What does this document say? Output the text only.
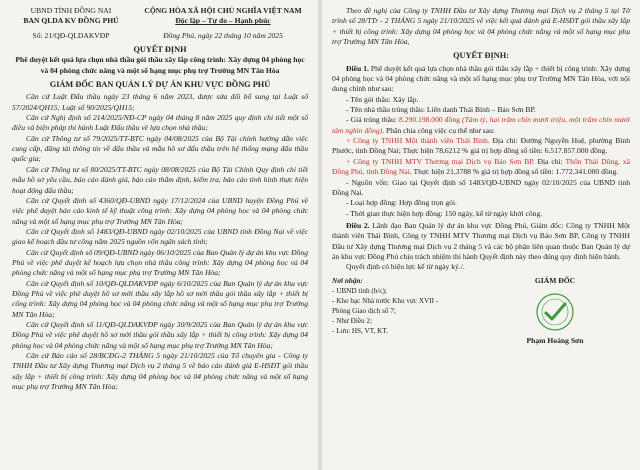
UBND TỈNH ĐỒNG NAI

BAN QLDA KV ĐỒNG PHÚ

Số: 21/QĐ-QLDAKVĐP

CỘNG HÒA XÃ HỘI CHỦ NGHĨA VIỆT NAM

Độc lập – Tự do – Hạnh phúc

Đồng Phú, ngày 22 tháng 10 năm 2025

QUYẾT ĐỊNH

Phê duyệt kết quả lựa chọn nhà thầu gói thầu xây lắp công trình: Xây dựng 04 phòng học và 04 phòng chức năng và một số hạng mục phụ trợ Trường MN Tân Hòa

GIÁM ĐỐC BAN QUẢN LÝ DỰ ÁN KHU VỰC ĐỒNG PHÚ

Căn cứ Luật Đấu thầu ngày 23 tháng 6 năm 2023, được sửa đổi bổ sung tại Luật số 57/2024/QH15; Luật số 90/2025/QH15;

Căn cứ Nghị định số 214/2025/NĐ-CP ngày 04 tháng 8 năm 2025 quy định chi tiết một số điều và biện pháp thi hành Luật Đấu thầu về lựa chọn nhà thầu;

Căn cứ Thông tư số 79/2025/TT-BTC ngày 04/08/2025 của Bộ Tài chính hướng dẫn việc cung cấp, đăng tải thông tin về đấu thầu và mẫu hồ sơ đấu thầu trên hệ thống mạng đấu thầu quốc gia;

Căn cứ Thông tư số 80/2025/TT-BTC ngày 08/08/2025 của Bộ Tài Chính Quy định chi tiết mẫu hồ sơ yêu cầu, báo cáo đánh giá, báo cáo thẩm định, kiểm tra, báo cáo tình hình thực hiện hoạt động đấu thầu;

Căn cứ Quyết định số 4360/QĐ-UBND ngày 17/12/2024 của UBND huyện Đồng Phú về việc phê duyệt báo cáo kinh tế kỹ thuật công trình: Xây dựng 04 phòng học và 04 phòng chức năng và một số hạng mục phụ trợ Trường MN Tân Hòa;

Căn cứ Quyết định số 1483/QĐ-UBND ngày 02/10/2025 của UBND tỉnh Đồng Nai về việc giao kế hoạch đầu tư công năm 2025 nguồn vốn ngân sách tỉnh;

Căn cứ Quyết định số 09/QĐ-UBND ngày 06/10/2025 của Ban Quản lý dự án khu vực Đồng Phú về việc phê duyệt kế hoạch lựa chọn nhà thầu công trình: Xây dựng 04 phòng học và 04 phòng chức năng và một số hạng mục phụ trợ Trường MN Tân Hòa;

Căn cứ Quyết định số 10/QĐ-QLDAKVĐP ngày 6/10/2025 của Ban Quản lý dự án khu vực Đồng Phú về việc phê duyệt hồ sơ mời thầu xây lắp hồ sơ mời thầu gói thầu xây lắp + thiết bị công trình: Xây dựng 04 phòng học và 04 phòng chức năng và một số hạng mục phụ trợ Trường MN Tân Hòa;

Căn cứ Quyết định số 11/QĐ-QLDAKVĐP ngày 30/9/2025 của Ban Quản lý dự án khu vực Đồng Phú về việc phê duyệt hồ sơ mời thầu gói thầu xây lắp + thiết bị công trình: Xây dựng 04 phòng học và 04 phòng chức năng và một số hạng mục phụ trợ Trường MN Tân Hòa;

Căn cứ Báo cáo số 28/BCĐG-2 THÁNG 5 ngày 21/10/2025 của Tổ chuyên gia - Công ty TNHH Đầu tư Xây dựng Thương mại Dịch vụ 2 tháng 5 về báo cáo đánh giá E-HSĐT gói thầu xây lắp + thiết bị công trình: Xây dựng 04 phòng học và 04 phòng chức năng và một số hạng mục phụ trợ Trường MN Tân Hòa;

Theo đề nghị của Công ty TNHH Đầu tư Xây dựng Thương mại Dịch vụ 2 tháng 5 tại Tờ trình số 28/TTr - 2 THÁNG 5 ngày 21/10/2025 về việc kết quả đánh giá E-HSĐT gói thầu xây lắp + thiết bị công trình: Xây dựng 04 phòng học và 04 phòng chức năng và một số hạng mục phụ trợ Trường MN Tân Hòa,

QUYẾT ĐỊNH:

Điều 1. Phê duyệt kết quả lựa chọn nhà thầu gói thầu xây lắp + thiết bị công trình: Xây dựng 04 phòng học và 04 phòng chức năng và một số hạng mục phụ trợ Trường MN Tân Hòa, với nội dung chính như sau:

- Tên gói thầu: Xây lắp.

- Tên nhà thầu trúng thầu: Liên danh Thái Bình – Bảo Sơn BP.

- Giá trúng thầu: 8.290.198.000 đồng (Tám tỷ, hai trăm chín mươi triệu, một trăm chín mươi tám nghìn đồng). Phân chia công việc cụ thể như sau:

+ Công ty TNHH Một thành viên Thái Bình. Địa chỉ: Đường Nguyễn Huệ, phường Bình Phước, tỉnh Đồng Nai; Thực hiện 78,6212 % giá trị hợp đồng số tiền: 6.517.857.000 đồng.

+ Công ty TNHH MTV Thương mại Dịch vụ Bảo Sơn BP. Địa chỉ: Thôn Thái Dũng, xã Đồng Phú, tỉnh Đồng Nai. Thực hiện 21,3788 % giá trị hợp đồng số tiền: 1.772.341.000 đồng.

- Nguồn vốn: Giao tại Quyết định số 1483/QĐ-UBND ngày 02/10/2025 của UBND tỉnh Đồng Nai.

- Loại hợp đồng: Hợp đồng trọn gói.

- Thời gian thực hiện hợp đồng: 150 ngày, kể từ ngày khởi công.

Điều 2. Lãnh đạo Ban Quản lý dự án khu vực Đồng Phú, Giám đốc: Công ty TNHH Một thành viên Thái Bình, Công ty TNHH MTV Thương mại Dịch vụ Bảo Sơn BP, Công ty TNHH Đầu tư Xây dựng Thương mại Dịch vụ 2 tháng 5 và các bộ phận liên quan thuộc Ban Quản lý dự án khu vực Đồng Phú chịu trách nhiệm thi hành Quyết định này theo đúng quy định hiện hành.

Quyết định có hiệu lực kể từ ngày ký./.

Nơi nhận:

- UBND tỉnh (b/c);

- Kho bạc Nhà nước Khu vực XVII - Phòng Giao dịch số 7;

- Như Điều 2;

- Lưu: HS, VT, KT.

GIÁM ĐỐC

Phạm Hoàng Sơn
